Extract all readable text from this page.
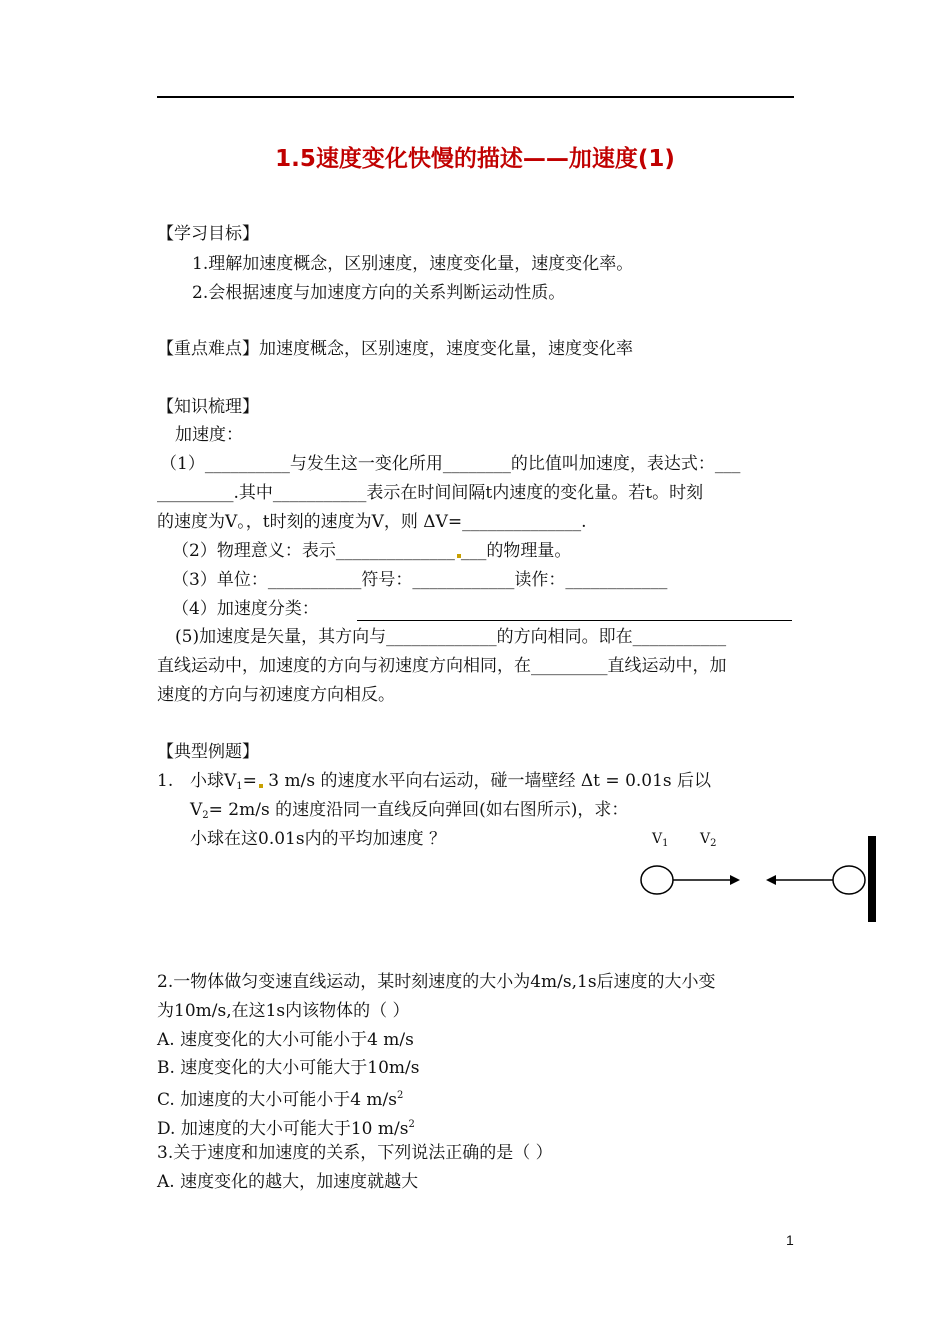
1.5速度变化快慢的描述——加速度(1)
【学习目标】
1.理解加速度概念，区别速度，速度变化量，速度变化率。
2.会根据速度与加速度方向的关系判断运动性质。
【重点难点】加速度概念，区别速度，速度变化量，速度变化率
【知识梳理】
加速度：
（1）__________与发生这一变化所用________的比值叫加速度，表达式：___
_________.其中___________表示在时间间隔t内速度的变化量。若t。时刻
的速度为V。，t时刻的速度为V，则 ΔV=______________.
（2）物理意义：表示______________ ___的物理量。
（3）单位：___________符号：____________读作：____________
（4）加速度分类：
(5)加速度是矢量，其方向与_____________的方向相同。即在___________
直线运动中，加速度的方向与初速度方向相同，在_________直线运动中，加
速度的方向与初速度方向相反。
【典型例题】
1. 小球$V_1= 3$ m/s 的速度水平向右运动，碰一墙壁经 Δt = 0.01s 后以
$V_2= 2m/s$ 的速度沿同一直线反向弹回(如右图所示)，求：
小球在这0.01s内的平均加速度 ？	$V_1$ $V_2$
2.一物体做匀变速直线运动，某时刻速度的大小为4m/s,1s后速度的大小变
为10m/s,在这1s内该物体的（ ）
A. 速度变化的大小可能小于4 m/s
B. 速度变化的大小可能大于10m/s
C. 加速度的大小可能小于4 $m/s^2$
D. 加速度的大小可能大于10 $m/s^2$
3.关于速度和加速度的关系，下列说法正确的是（ ）
A. 速度变化的越大，加速度就越大
1
